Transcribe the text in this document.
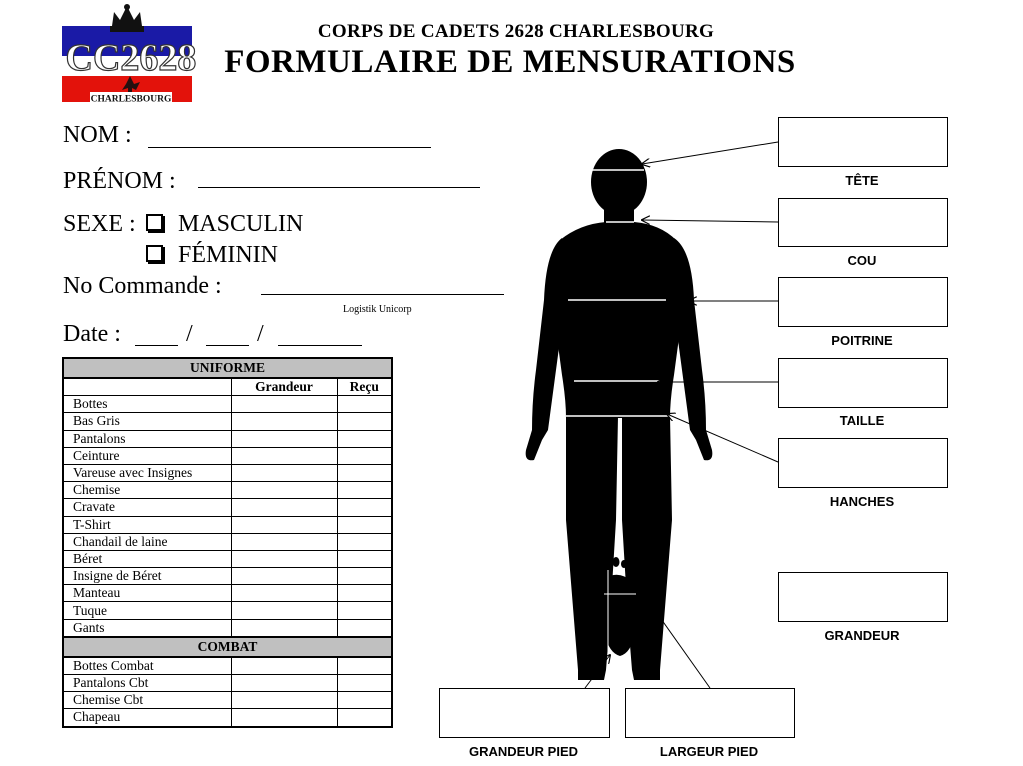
CC2628
CHARLESBOURG
CORPS DE CADETS 2628 CHARLESBOURG
FORMULAIRE DE MENSURATIONS
NOM :
PRÉNOM :
SEXE : MASCULIN
FÉMININ
No Commande :
Logistik Unicorp
Date :	/	/
UNIFORME		
	Grandeur	Reçu
Bottes		
Bas Gris		
Pantalons		
Ceinture		
Vareuse avec Insignes		
Chemise		
Cravate		
T-Shirt		
Chandail de laine		
Béret		
Insigne de Béret		
Manteau		
Tuque		
Gants		
COMBAT		
Bottes Combat		
Pantalons Cbt		
Chemise Cbt		
Chapeau		
TÊTE
COU
POITRINE
TAILLE
HANCHES
GRANDEUR
GRANDEUR PIED	LARGEUR PIED
